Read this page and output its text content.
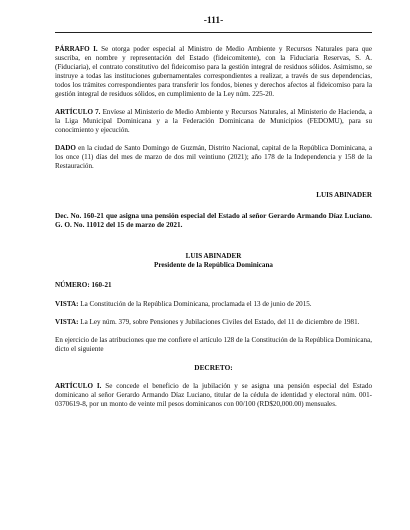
-111-

PÁRRAFO I. Se otorga poder especial al Ministro de Medio Ambiente y Recursos Naturales para que suscriba, en nombre y representación del Estado (fideicomitente), con la Fiduciaria Reservas, S. A. (Fiduciaria), el contrato constitutivo del fideicomiso para la gestión integral de residuos sólidos. Asimismo, se instruye a todas las instituciones gubernamentales correspondientes a realizar, a través de sus dependencias, todos los trámites correspondientes para transferir los fondos, bienes y derechos afectos al fideicomiso para la gestión integral de residuos sólidos, en cumplimiento de la Ley núm. 225-20.

ARTÍCULO 7. Envíese al Ministerio de Medio Ambiente y Recursos Naturales, al Ministerio de Hacienda, a la Liga Municipal Dominicana y a la Federación Dominicana de Municipios (FEDOMU), para su conocimiento y ejecución.

DADO en la ciudad de Santo Domingo de Guzmán, Distrito Nacional, capital de la República Dominicana, a los once (11) días del mes de marzo de dos mil veintiuno (2021); año 178 de la Independencia y 158 de la Restauración.

LUIS ABINADER
Dec. No. 160-21 que asigna una pensión especial del Estado al señor Gerardo Armando Díaz Luciano. G. O. No. 11012 del 15 de marzo de 2021.
LUIS ABINADER
Presidente de la República Dominicana
NÚMERO: 160-21

VISTA: La Constitución de la República Dominicana, proclamada el 13 de junio de 2015.

VISTA: La Ley núm. 379, sobre Pensiones y Jubilaciones Civiles del Estado, del 11 de diciembre de 1981.

En ejercicio de las atribuciones que me confiere el artículo 128 de la Constitución de la República Dominicana, dicto el siguiente

DECRETO:

ARTÍCULO I. Se concede el beneficio de la jubilación y se asigna una pensión especial del Estado dominicano al señor Gerardo Armando Díaz Luciano, titular de la cédula de identidad y electoral núm. 001-0370619-8, por un monto de veinte mil pesos dominicanos con 00/100 (RD$20,000.00) mensuales.
